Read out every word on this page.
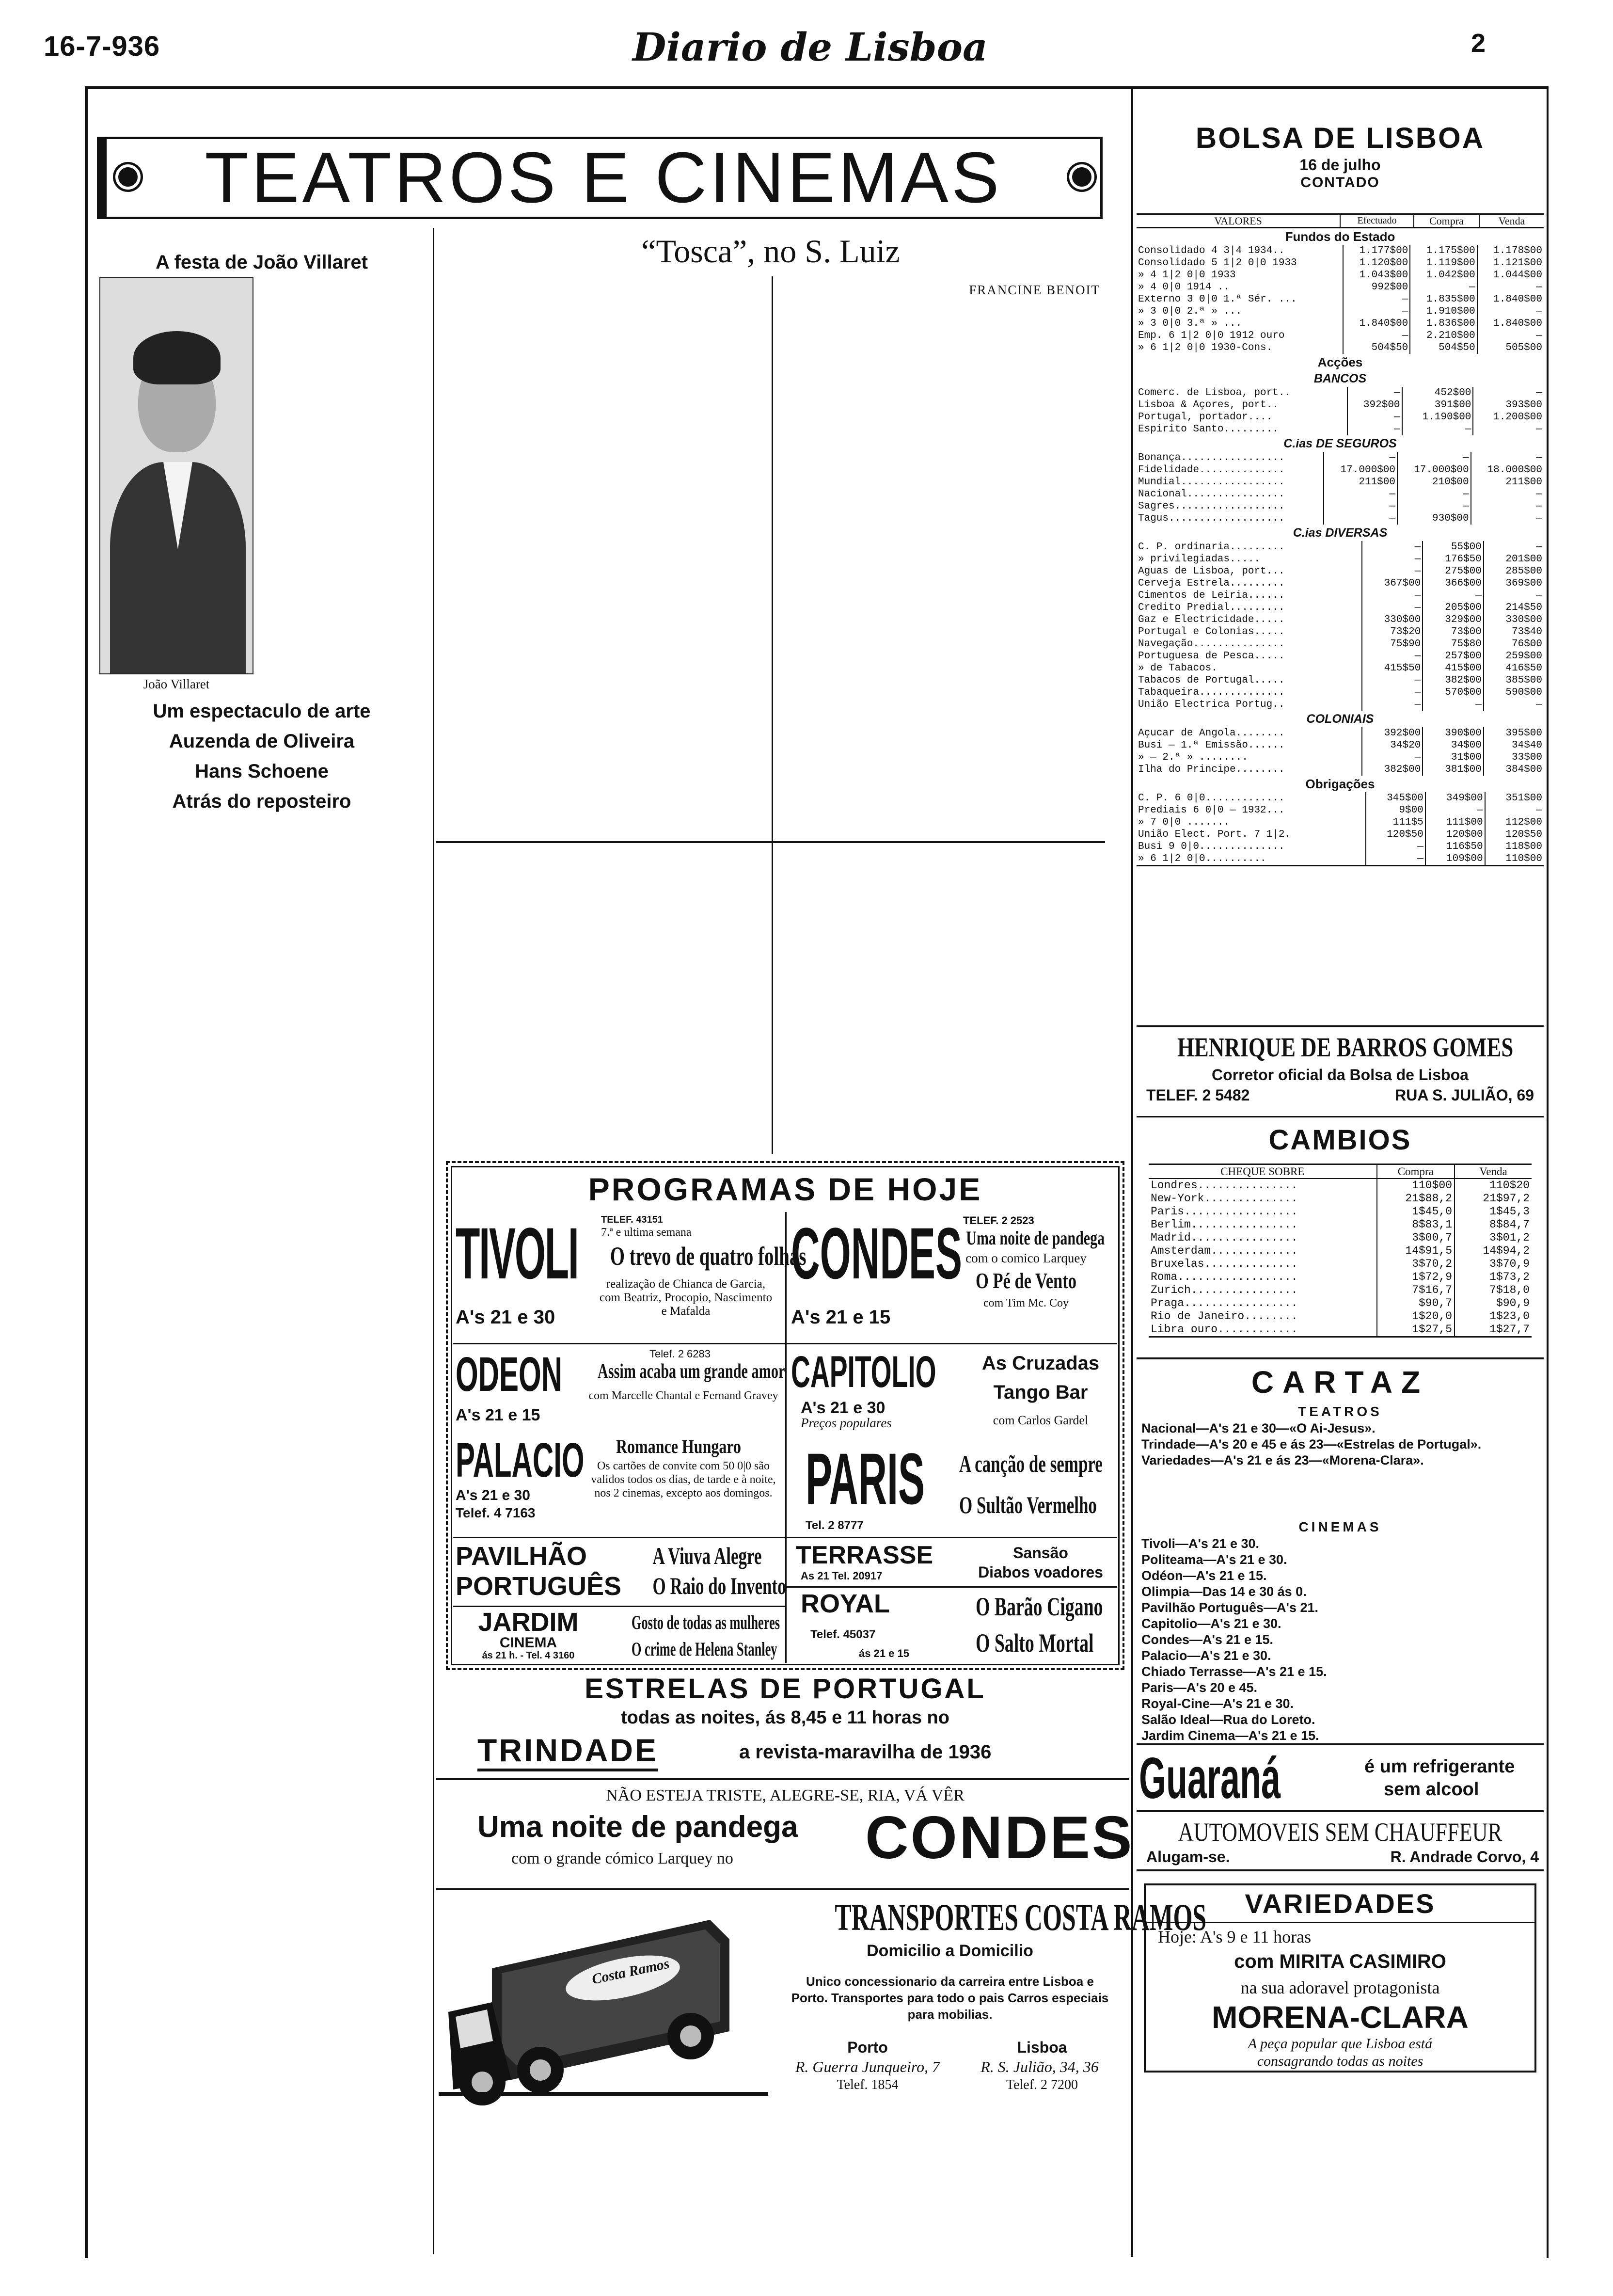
16-7-936	Diario de Lisboa	2
TEATROS E CINEMAS
A festa de João Villaret
João Villaret
Um espectaculo de arte
Auzenda de Oliveira
Hans Schoene
Atrás do reposteiro
“Tosca”, no S. Luiz
FRANCINE BENOIT
PROGRAMAS DE HOJE
TIVOLI
A's 21 e 30
TELEF. 43151
7.ª e ultima semana
O trevo de quatro folhas
realização de Chianca de Garcia, com Beatriz, Procopio, Nascimento e Mafalda
CONDES
A's 21 e 15
TELEF. 2 2523
Uma noite de pandega
com o comico Larquey
O Pé de Vento
com Tim Mc. Coy
ODEON
A's 21 e 15
Telef. 2 6283
Assim acaba um grande amor
com Marcelle Chantal e Fernand Gravey
PALACIO
A's 21 e 30
Telef. 4 7163
Romance Hungaro
Os cartões de convite com 50 0|0 são validos todos os dias, de tarde e à noite, nos 2 cinemas, excepto aos domingos.
CAPITOLIO
A's 21 e 30
Preços populares
As Cruzadas
Tango Bar
com Carlos Gardel
PARIS
Tel. 2 8777
A canção de sempre
O Sultão Vermelho
PAVILHÃO
PORTUGUÊS
A Viuva Alegre
O Raio do Invento
TERRASSE
As 21 Tel. 20917
Sansão
Diabos voadores
JARDIM
CINEMA
ás 21 h. - Tel. 4 3160
Gosto de todas as mulheres
O crime de Helena Stanley
ROYAL
Telef. 45037
ás 21 e 15
O Barão Cigano
O Salto Mortal
ESTRELAS DE PORTUGAL
todas as noites, ás 8,45 e 11 horas no
TRINDADE	a revista-maravilha de 1936
NÃO ESTEJA TRISTE, ALEGRE-SE, RIA, VÁ VÊR
Uma noite de pandega
com o grande cómico Larquey no CONDES
Costa Ramos
TRANSPORTES COSTA RAMOS
Domicilio a Domicilio
Unico concessionario da carreira entre Lisboa e Porto. Transportes para todo o pais Carros especiais para mobilias.
Porto
R. Guerra Junqueiro, 7
Telef. 1854
Lisboa
R. S. Julião, 34, 36
Telef. 2 7200
BOLSA DE LISBOA
16 de julho
CONTADO
VALORES	Efectuado	Compra	Venda
Fundos do Estado
Consolidado 4 3|4 1934..	1.177$00	1.175$00	1.178$00
Consolidado 5 1|2 0|0 1933	1.120$00	1.119$00	1.121$00
» 4 1|2 0|0 1933	1.043$00	1.042$00	1.044$00
» 4 0|0 1914 ..	992$00	—	—
Externo 3 0|0 1.ª Sér. ...	—	1.835$00	1.840$00
» 3 0|0 2.ª » ...	—	1.910$00	—
» 3 0|0 3.ª » ...	1.840$00	1.836$00	1.840$00
Emp. 6 1|2 0|0 1912 ouro	—	2.210$00	—
» 6 1|2 0|0 1930-Cons.	504$50	504$50	505$00
Acções
BANCOS
Comerc. de Lisboa, port..	—	452$00	—
Lisboa & Açores, port..	392$00	391$00	393$00
Portugal, portador....	—	1.190$00	1.200$00
Espirito Santo.........	—	—	—
C.ias DE SEGUROS
Bonança.................	—	—	—
Fidelidade..............	17.000$00	17.000$00	18.000$00
Mundial.................	211$00	210$00	211$00
Nacional................	—	—	—
Sagres..................	—	—	—
Tagus...................	—	930$00	—
C.ias DIVERSAS
C. P. ordinaria.........	—	55$00	—
» privilegiadas.....	—	176$50	201$00
Aguas de Lisboa, port...	—	275$00	285$00
Cerveja Estrela.........	367$00	366$00	369$00
Cimentos de Leiria......	—	—	—
Credito Predial.........	—	205$00	214$50
Gaz e Electricidade.....	330$00	329$00	330$00
Portugal e Colonias.....	73$20	73$00	73$40
Navegação...............	75$90	75$80	76$00
Portuguesa de Pesca.....	—	257$00	259$00
» de Tabacos.	415$50	415$00	416$50
Tabacos de Portugal.....	—	382$00	385$00
Tabaqueira..............	—	570$00	590$00
União Electrica Portug..	—	—	—
COLONIAIS
Açucar de Angola........	392$00	390$00	395$00
Busi — 1.ª Emissão......	34$20	34$00	34$40
» — 2.ª » ........	—	31$00	33$00
Ilha do Principe........	382$00	381$00	384$00
Obrigações
C. P. 6 0|0.............	345$00	349$00	351$00
Prediais 6 0|0 — 1932...	9$00	—	—
» 7 0|0 .......	111$5	111$00	112$00
União Elect. Port. 7 1|2.	120$50	120$00	120$50
Busi 9 0|0..............	—	116$50	118$00
» 6 1|2 0|0..........	—	109$00	110$00
HENRIQUE DE BARROS GOMES
Corretor oficial da Bolsa de Lisboa
TELEF. 2 5482	RUA S. JULIÃO, 69
CAMBIOS
CHEQUE SOBRE	Compra	Venda
Londres...............	110$00	110$20
New-York..............	21$88,2	21$97,2
Paris.................	1$45,0	1$45,3
Berlim................	8$83,1	8$84,7
Madrid................	3$00,7	3$01,2
Amsterdam.............	14$91,5	14$94,2
Bruxelas..............	3$70,2	3$70,9
Roma..................	1$72,9	1$73,2
Zurich................	7$16,7	7$18,0
Praga.................	$90,7	$90,9
Rio de Janeiro........	1$20,0	1$23,0
Libra ouro............	1$27,5	1$27,7
CARTAZ
TEATROS

Nacional—A's 21 e 30—«O Ai-Jesus».

Trindade—A's 20 e 45 e ás 23—«Estrelas de Portugal».

Variedades—A's 21 e ás 23—«Morena-Clara».

CINEMAS

Tivoli—A's 21 e 30.

Politeama—A's 21 e 30.

Odéon—A's 21 e 15.

Olimpia—Das 14 e 30 ás 0.

Pavilhão Português—A's 21.

Capitolio—A's 21 e 30.

Condes—A's 21 e 15.

Palacio—A's 21 e 30.

Chiado Terrasse—A's 21 e 15.

Paris—A's 20 e 45.

Royal-Cine—A's 21 e 30.

Salão Ideal—Rua do Loreto.

Jardim Cinema—A's 21 e 15.

Guaraná	é um refrigerante
sem alcool
AUTOMOVEIS SEM CHAUFFEUR
Alugam-se.	R. Andrade Corvo, 4
VARIEDADES
Hoje: A's 9 e 11 horas
com MIRITA CASIMIRO
na sua adoravel protagonista
MORENA-CLARA
A peça popular que Lisboa está
consagrando todas as noites
